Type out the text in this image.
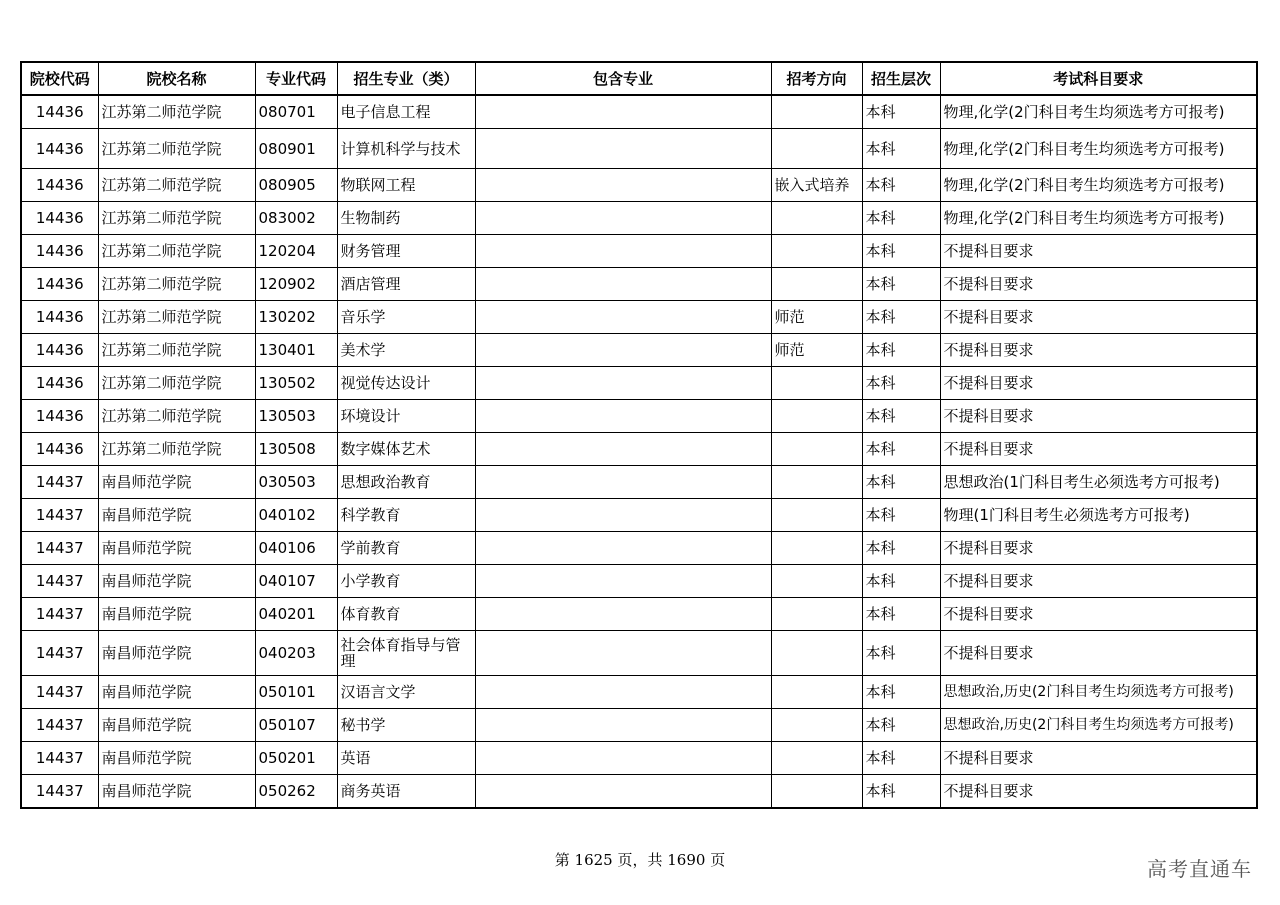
院校代码	院校名称	专业代码	招生专业（类）	包含专业	招考方向	招生层次	考试科目要求
14436	江苏第二师范学院	080701	电子信息工程			本科	物理,化学(2门科目考生均须选考方可报考)
14436	江苏第二师范学院	080901	计算机科学与技术			本科	物理,化学(2门科目考生均须选考方可报考)
14436	江苏第二师范学院	080905	物联网工程		嵌入式培养	本科	物理,化学(2门科目考生均须选考方可报考)
14436	江苏第二师范学院	083002	生物制药			本科	物理,化学(2门科目考生均须选考方可报考)
14436	江苏第二师范学院	120204	财务管理			本科	不提科目要求
14436	江苏第二师范学院	120902	酒店管理			本科	不提科目要求
14436	江苏第二师范学院	130202	音乐学		师范	本科	不提科目要求
14436	江苏第二师范学院	130401	美术学		师范	本科	不提科目要求
14436	江苏第二师范学院	130502	视觉传达设计			本科	不提科目要求
14436	江苏第二师范学院	130503	环境设计			本科	不提科目要求
14436	江苏第二师范学院	130508	数字媒体艺术			本科	不提科目要求
14437	南昌师范学院	030503	思想政治教育			本科	思想政治(1门科目考生必须选考方可报考)
14437	南昌师范学院	040102	科学教育			本科	物理(1门科目考生必须选考方可报考)
14437	南昌师范学院	040106	学前教育			本科	不提科目要求
14437	南昌师范学院	040107	小学教育			本科	不提科目要求
14437	南昌师范学院	040201	体育教育			本科	不提科目要求
14437	南昌师范学院	040203	社会体育指导与管理			本科	不提科目要求
14437	南昌师范学院	050101	汉语言文学			本科	思想政治,历史(2门科目考生均须选考方可报考)
14437	南昌师范学院	050107	秘书学			本科	思想政治,历史(2门科目考生均须选考方可报考)
14437	南昌师范学院	050201	英语			本科	不提科目要求
14437	南昌师范学院	050262	商务英语			本科	不提科目要求
第 1625 页，共 1690 页	高考直通车
